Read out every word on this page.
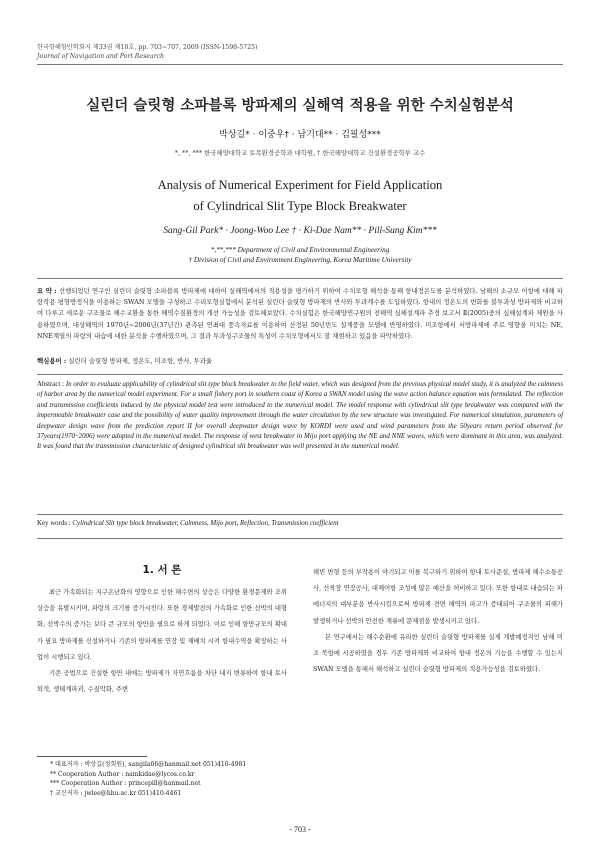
한국항해항만학회지 제33권 제10호, pp. 703~707, 2009 (ISSN-1598-5725)
Journal of Navigation and Port Research
실린더 슬릿형 소파블록 방파제의 실해역 적용을 위한 수치실험분석
박상길* · 이중우† · 남기대** · 김필성***
*, **, *** 한국해양대학교 토목환경공학과 대학원, † 한국해양대학교 건설환경공학부 교수
Analysis of Numerical Experiment for Field Application
of Cylindrical Slit Type Block Breakwater
Sang-Gil Park* · Joong-Woo Lee † · Ki-Dae Nam** · Pill-Sung Kim***
*,**,*** Department of Civil and Environmental Engineering
† Division of Civil and Environment Engineering, Korea Maritime University
요 약 : 선행되었던 연구인 실린더 슬릿형 소파블록 방파제에 대하여 실해역에서의 적용성을 평가하기 위하여 수치모형 해석을 통해 항내정온도를 분석하였다. 남해의 소규모 어항에 대해 파랑작용 평형방정식을 이용하는 SWAN 모델을 구성하고 수리모형실험에서 분석된 실린더 슬릿형 방파제의 반사와 투과계수를 도입하였다. 항내의 정온도의 변화를 불투과성 방파제와 비교하여 다루고 새로운 구조물로 해수교환을 통한 해역수질환경의 개선 가능성을 검토해보았다. 수치실험은 한국해양연구원의 전해역 심해설계파 추정 보고서 Ⅱ(2005)중의 심해설계파 제원을 사용하였으며, 대상해역의 1970년~2006년(37년간) 관측된 연최대 풍속자료를 이용하여 산정된 50년빈도 설계풍을 모델에 반영하였다. 미조항에서 서방파제에 주로 영향을 미치는 NE, NNE계열의 파랑의 내습에 대한 분석을 수행하였으며, 그 결과 투과성구조물의 특성이 수치모형에서도 잘 재현하고 있음을 파악하였다.
핵심용어 : 실린더 슬릿형 방파제, 정온도, 미조항, 반사, 투과율
Abstract : In order to evaluate applicability of cylindrical slit type block breakwater to the field water, which was designed from the previous physical model study, it is analyzed the calmness of harbor area by the numerical model experiment. For a small fishery port in southern coast of Korea a SWAN model using the wave action balance equation was formulated. The reflection and transmission coefficients induced by the physical model test were introduced to the numerical model. The model response with cylindrical slit type breakwater was compared with the impermeable breakwater case and the possibility of water quality improvement through the water circulation by the new structure was investigated. For numerical simulation, parameters of deepwater design wave from the prediction report II for overall deepwater design wave by KORDI were used and wind parameters from the 50years return period observed for 37years(1970~2006) were adopted in the numerical model. The response of west breakwater in Mijo port applying the NE and NNE waves, which were dominant in this area, was analyzed. It was found that the transmission characteristic of designed cylindrical slit breakwater was well presented in the numerical model.
Key words : Cylindrical Slit type block breakwater, Calmness, Mijo port, Reflection, Transmission coefficient
1. 서 론

최근 가속화되는 지구온난화의 영향으로 인한 해수면의 상승은 다양한 환경문제와 조위 상승을 유발시키며, 파랑의 크기를 증가시킨다. 또한 경제발전의 가속화로 인한 선박의 대형화, 선박수의 증가는 보다 큰 규모의 항만을 필요로 하게 되었다. 이로 인해 항만규모의 확대가 필요 방파제를 신설하거나 기존의 방파제를 연장 및 재배치 시켜 항내수역을 확장하는 사업이 시행되고 있다.

기존 공법으로 건설한 항만 내에는 방파제가 자연흐름을 차단 내지 변류하여 항내 토사퇴적, 생태계파괴, 수질악화, 주변

해빈 변형 등의 부작용이 야기되고 이를 복구하기 위하여 항내 토사준설, 방파제 해수소통공사, 선착장 연장공사, 대체어항 조성에 많은 예산을 허비하고 있다. 또한 항내로 내습되는 파에너지의 대부분을 반사시킴으로써 방파제 전면 해역의 파고가 증대되어 구조물의 피해가 발생하거나 선박의 안전한 계류에 문제점을 발생시키고 있다.

본 연구에서는 해수순환에 유리한 실린더 슬릿형 방파제를 실제 개발예정지인 남해 미조 북항에 시공하였을 경우 기존 방파제와 비교하여 항내 정온의 기능을 수행할 수 있는지 SWAN 모델을 통해서 해석하고 실린더 슬릿형 방파제의 적용가능성을 검토하였다.

* 대표저자 : 박상길(정회원), sangila06@hanmail.net 051)410-4981
** Cooperation Author : namkidae@lycos.co.kr
*** Cooperation Author : princepill@hanmail.net
† 교신저자 : jwlee@hhu.ac.kr 051)410-4461
- 703 -
